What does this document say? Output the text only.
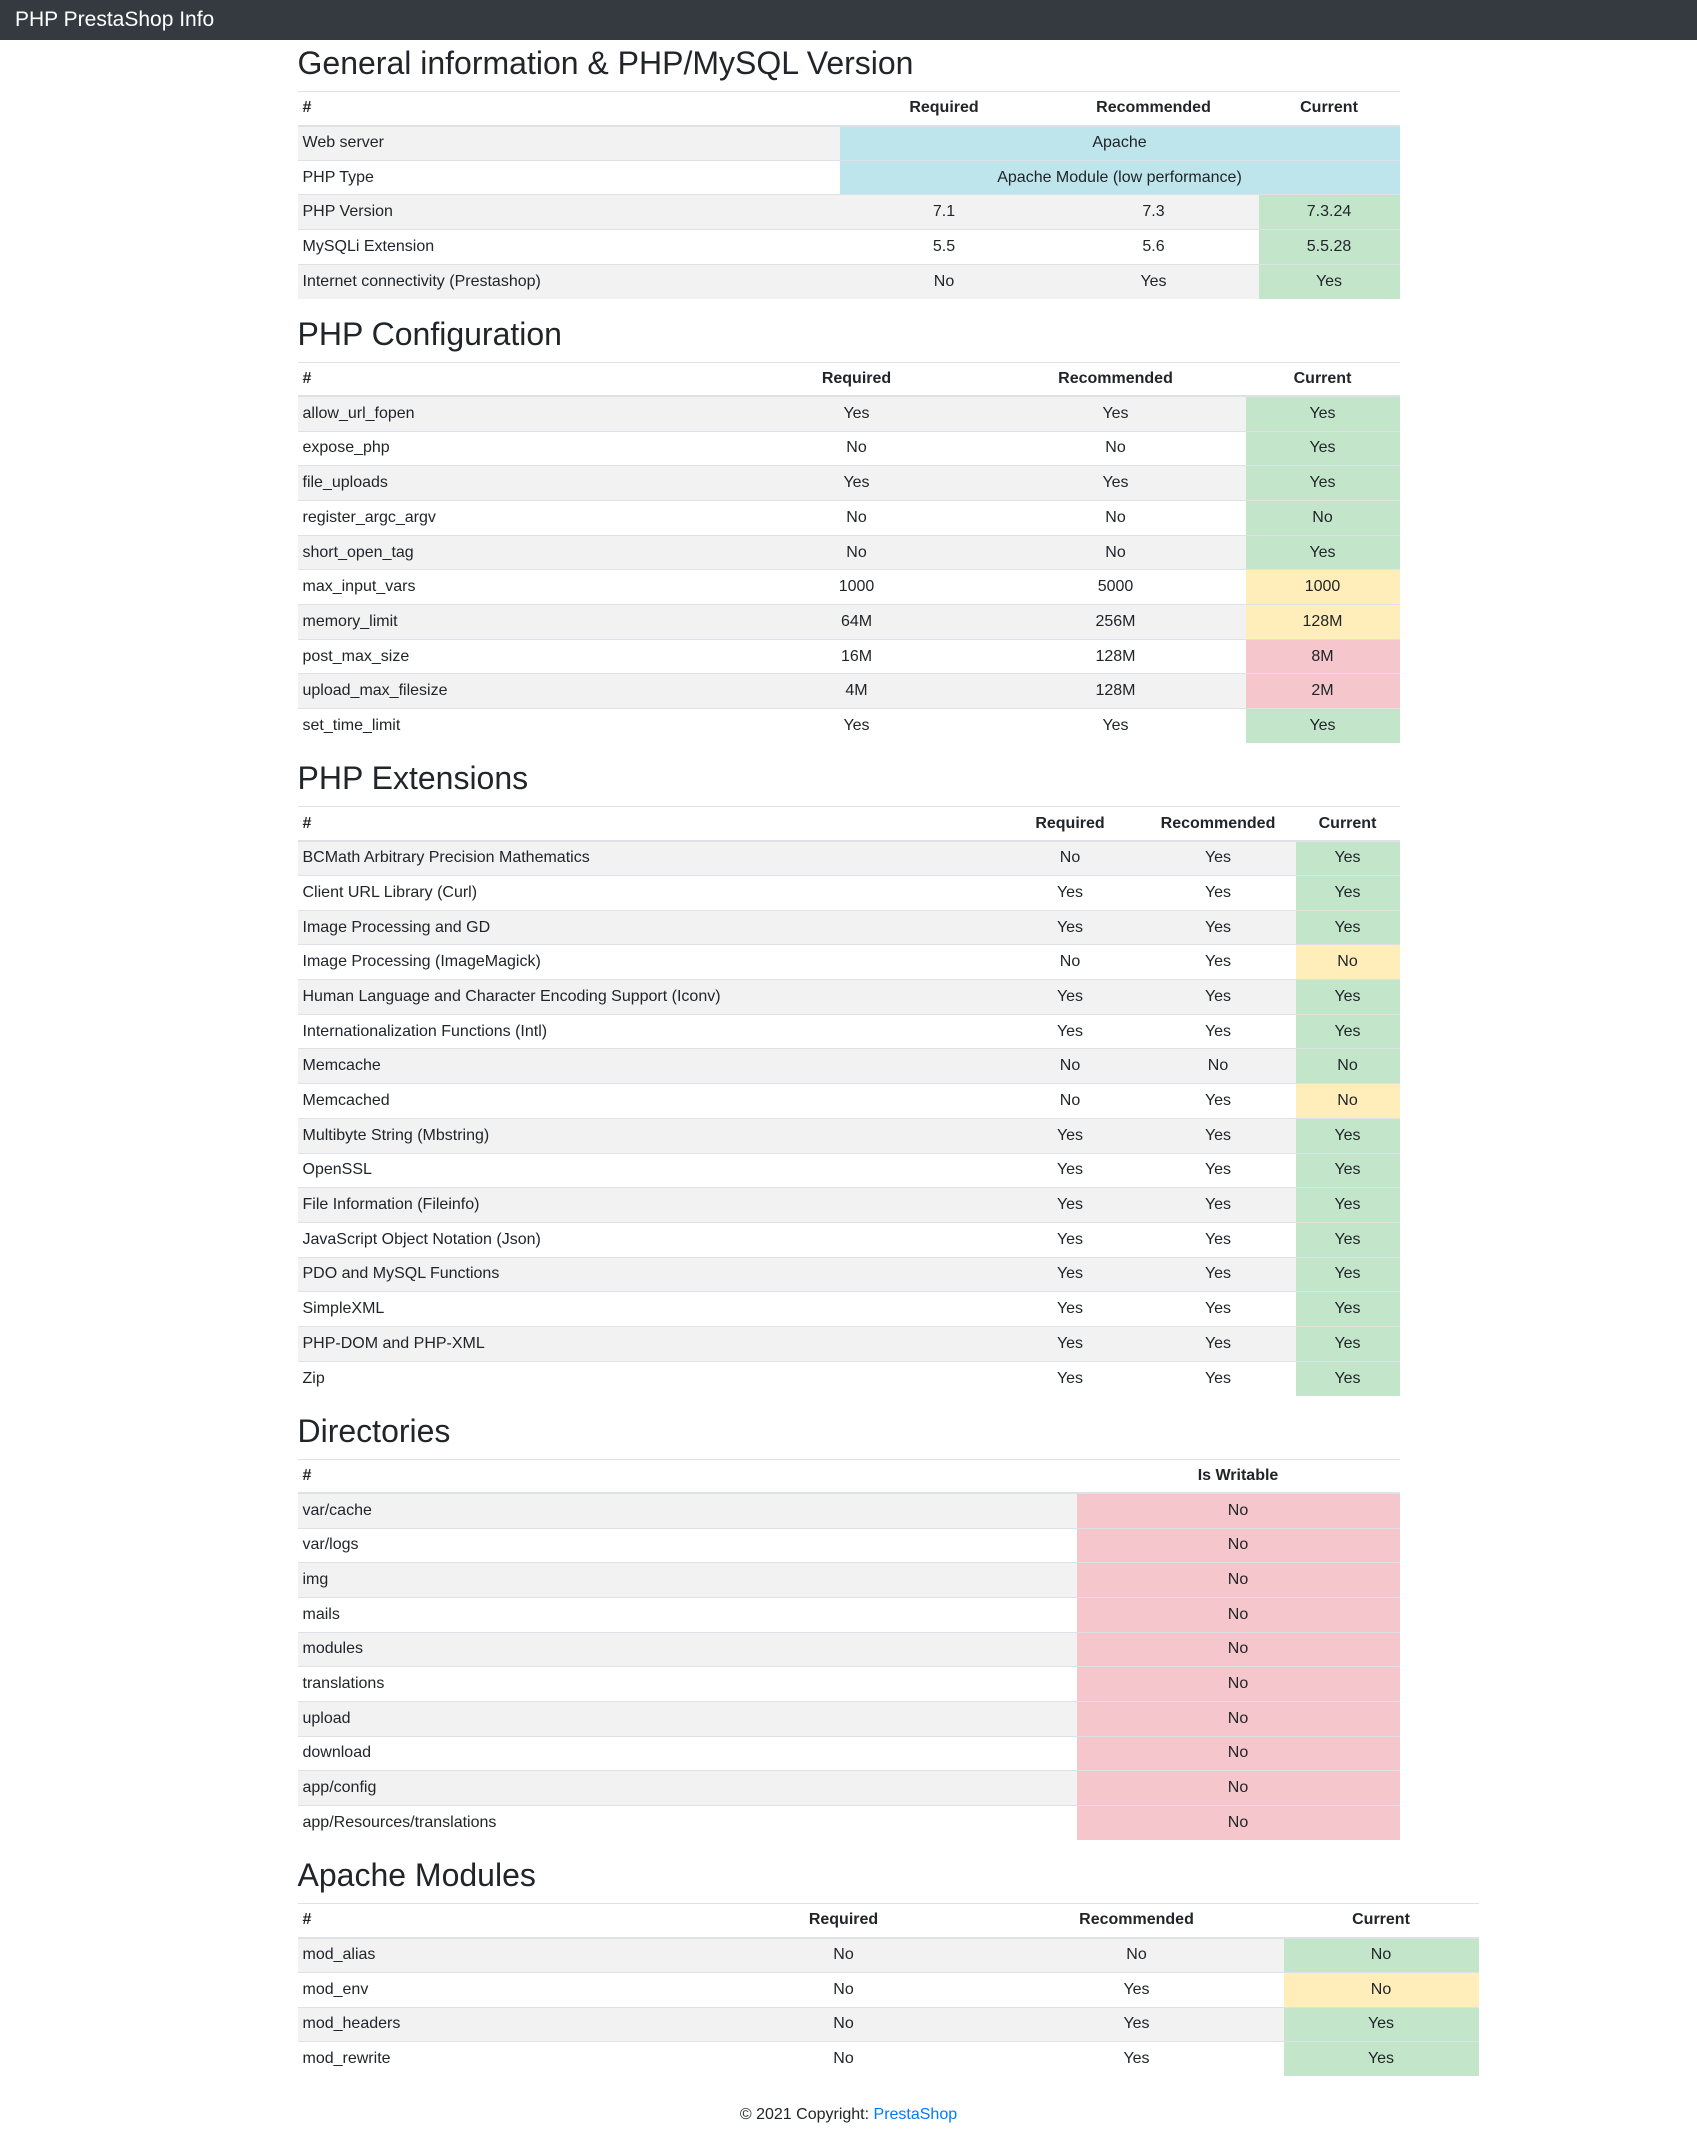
PHP PrestaShop Info
General information & PHP/MySQL Version
#	Required	Recommended	Current
Web server	Apache		
PHP Type	Apache Module (low performance)		
PHP Version	7.1	7.3	7.3.24
MySQLi Extension	5.5	5.6	5.5.28
Internet connectivity (Prestashop)	No	Yes	Yes
PHP Configuration
#	Required	Recommended	Current
allow_url_fopen	Yes	Yes	Yes
expose_php	No	No	Yes
file_uploads	Yes	Yes	Yes
register_argc_argv	No	No	No
short_open_tag	No	No	Yes
max_input_vars	1000	5000	1000
memory_limit	64M	256M	128M
post_max_size	16M	128M	8M
upload_max_filesize	4M	128M	2M
set_time_limit	Yes	Yes	Yes
PHP Extensions
#	Required	Recommended	Current
BCMath Arbitrary Precision Mathematics	No	Yes	Yes
Client URL Library (Curl)	Yes	Yes	Yes
Image Processing and GD	Yes	Yes	Yes
Image Processing (ImageMagick)	No	Yes	No
Human Language and Character Encoding Support (Iconv)	Yes	Yes	Yes
Internationalization Functions (Intl)	Yes	Yes	Yes
Memcache	No	No	No
Memcached	No	Yes	No
Multibyte String (Mbstring)	Yes	Yes	Yes
OpenSSL	Yes	Yes	Yes
File Information (Fileinfo)	Yes	Yes	Yes
JavaScript Object Notation (Json)	Yes	Yes	Yes
PDO and MySQL Functions	Yes	Yes	Yes
SimpleXML	Yes	Yes	Yes
PHP-DOM and PHP-XML	Yes	Yes	Yes
Zip	Yes	Yes	Yes
Directories
#	Is Writable
var/cache	No
var/logs	No
img	No
mails	No
modules	No
translations	No
upload	No
download	No
app/config	No
app/Resources/translations	No
Apache Modules
#	Required	Recommended	Current
mod_alias	No	No	No
mod_env	No	Yes	No
mod_headers	No	Yes	Yes
mod_rewrite	No	Yes	Yes
© 2021 Copyright: PrestaShop
